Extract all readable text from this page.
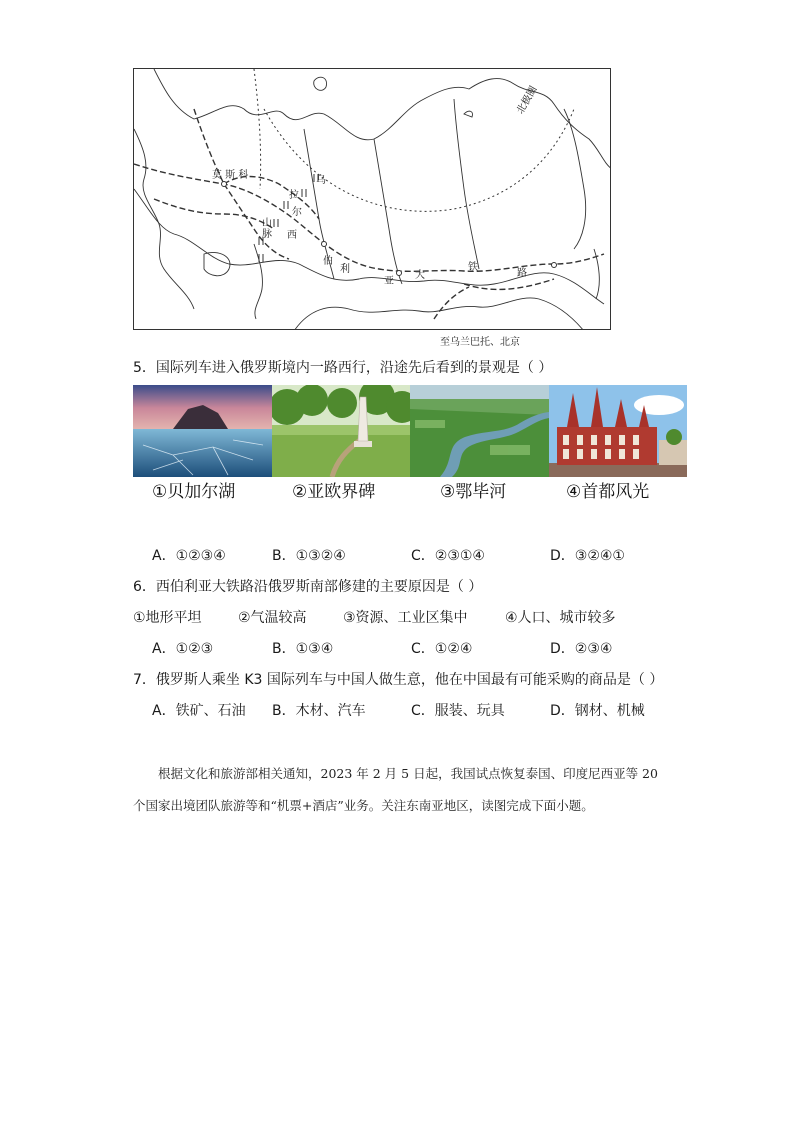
莫 斯 科	乌
拉
尔
山
脉 西
伯
利
亚
大
铁
路
北极圈
至乌兰巴托、北京
5．国际列车进入俄罗斯境内一路西行，沿途先后看到的景观是（ ）
①贝加尔湖	②亚欧界碑	③鄂毕河	④首都风光
A．①②③④	B．①③②④	C．②③①④	D．③②④①
6．西伯利亚大铁路沿俄罗斯南部修建的主要原因是（ ）
①地形平坦	②气温较高	③资源、工业区集中	④人口、城市较多
A．①②③	B．①③④	C．①②④	D．②③④
7．俄罗斯人乘坐 K3 国际列车与中国人做生意，他在中国最有可能采购的商品是（ ）
A．铁矿、石油 B．木材、汽车	C．服装、玩具	D．钢材、机械
根据文化和旅游部相关通知，2023 年 2 月 5 日起，我国试点恢复泰国、印度尼西亚等 20 个国家出境团队旅游等和“机票+酒店”业务。关注东南亚地区，读图完成下面小题。
